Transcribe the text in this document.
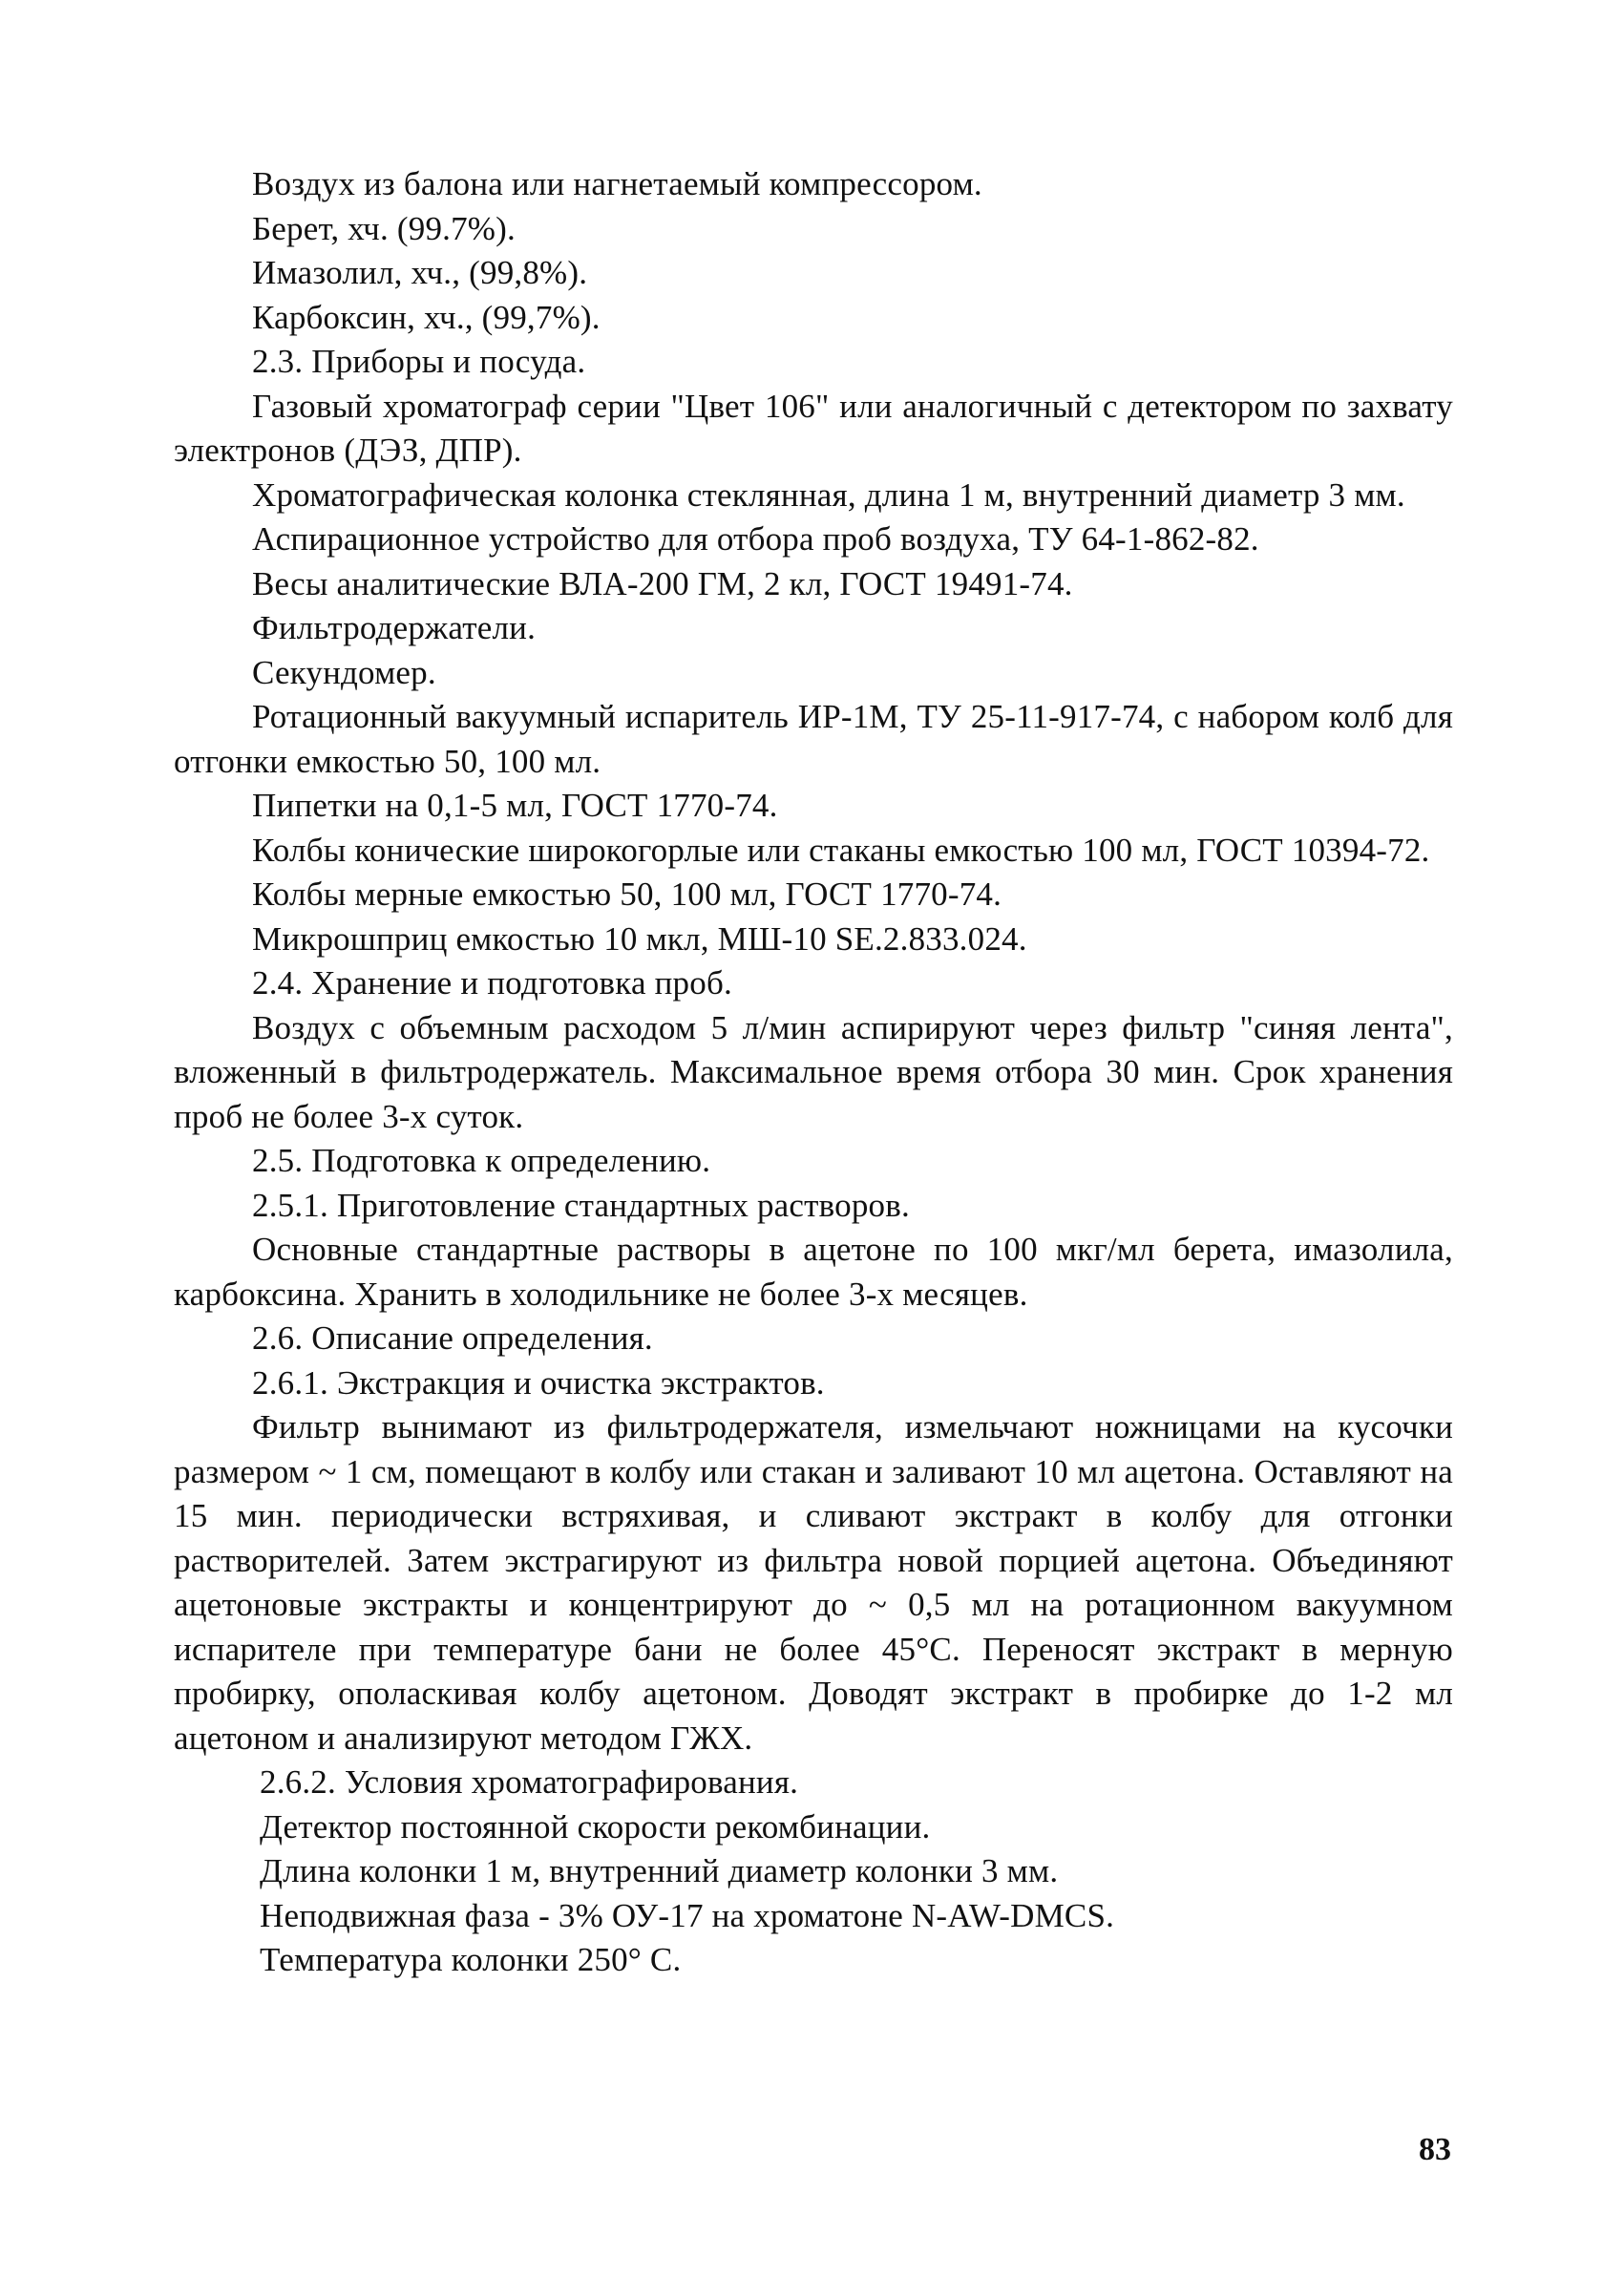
Воздух из балона или нагнетаемый компрессором.

Берет, хч. (99.7%).

Имазолил, хч., (99,8%).

Карбоксин, хч., (99,7%).

2.3. Приборы и посуда.

Газовый хроматограф серии "Цвет 106" или аналогичный с детектором по захвату электронов (ДЭЗ, ДПР).

Хроматографическая колонка стеклянная, длина 1 м, внутренний диаметр 3 мм.

Аспирационное устройство для отбора проб воздуха, ТУ 64-1-862-82.

Весы аналитические ВЛА-200 ГМ, 2 кл, ГОСТ 19491-74.

Фильтродержатели.

Секундомер.

Ротационный вакуумный испаритель ИР-1М, ТУ 25-11-917-74, с набором колб для отгонки емкостью 50, 100 мл.

Пипетки на 0,1-5 мл, ГОСТ 1770-74.

Колбы конические широкогорлые или стаканы емкостью 100 мл, ГОСТ 10394-72.

Колбы мерные емкостью 50, 100 мл, ГОСТ 1770-74.

Микрошприц емкостью 10 мкл, МШ-10 SE.2.833.024.

2.4. Хранение и подготовка проб.

Воздух с объемным расходом 5 л/мин аспирируют через фильтр "синяя лента", вложенный в фильтродержатель. Максимальное время отбора 30 мин. Срок хранения проб не более 3-х суток.

2.5. Подготовка к определению.

2.5.1. Приготовление стандартных растворов.

Основные стандартные растворы в ацетоне по 100 мкг/мл берета, имазолила, карбоксина. Хранить в холодильнике не более 3-х месяцев.

2.6. Описание определения.

2.6.1. Экстракция и очистка экстрактов.

Фильтр вынимают из фильтродержателя, измельчают ножницами на кусочки размером ~ 1 см, помещают в колбу или стакан и заливают 10 мл ацетона. Оставляют на 15 мин. периодически встряхивая, и сливают экстракт в колбу для отгонки растворителей. Затем экстрагируют из фильтра новой порцией ацетона. Объединяют ацетоновые экстракты и концентрируют до ~ 0,5 мл на ротационном вакуумном испарителе при температуре бани не более 45°С. Переносят экстракт в мерную пробирку, ополаскивая колбу ацетоном. Доводят экстракт в пробирке до 1-2 мл ацетоном и анализируют методом ГЖХ.

2.6.2. Условия хроматографирования.

Детектор постоянной скорости рекомбинации.

Длина колонки 1 м, внутренний диаметр колонки 3 мм.

Неподвижная фаза - 3% ОУ-17 на хроматоне N-AW-DMCS.

Температура колонки 250° С.

83
